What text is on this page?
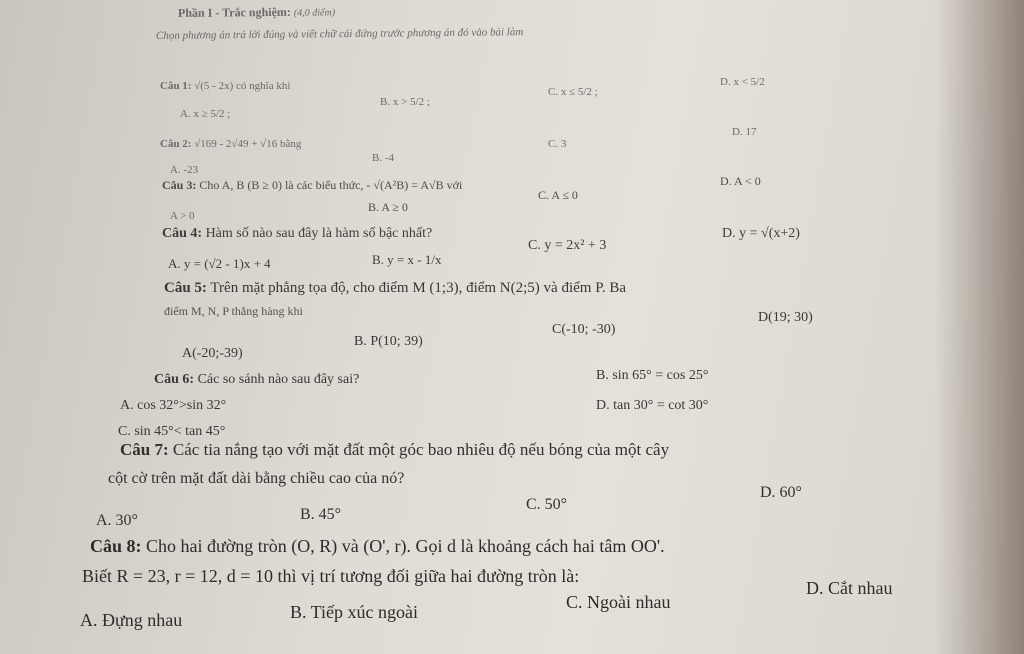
Phần I - Trắc nghiệm: (4,0 điểm)
Chọn phương án trả lời đúng và viết chữ cái đứng trước phương án đó vào bài làm
Câu 1: √(5 - 2x) có nghĩa khi
A. x ≥ 5/2 ;
B. x > 5/2 ;
C. x ≤ 5/2 ;
D. x < 5/2
Câu 2: √169 - 2√49 + √16 bằng
A. -23
B. -4
C. 3
D. 17
Câu 3: Cho A, B (B ≥ 0) là các biểu thức, - √(A²B) = A√B với
A > 0
B. A ≥ 0
C. A ≤ 0
D. A < 0
Câu 4: Hàm số nào sau đây là hàm số bậc nhất?
A. y = (√2 - 1)x + 4	B. y = x - 1/x
C. y = 2x² + 3
D. y = √(x+2)
Câu 5: Trên mặt phẳng tọa độ, cho điểm M (1;3), điểm N(2;5) và điểm P. Ba
điểm M, N, P thẳng hàng khi
A(-20;-39)
B. P(10; 39)
C(-10; -30)
D(19; 30)
Câu 6: Các so sánh nào sau đây sai?	B. sin 65° = cos 25°
A. cos 32°>sin 32°	D. tan 30° = cot 30°
C. sin 45°< tan 45°
Câu 7: Các tia nắng tạo với mặt đất một góc bao nhiêu độ nếu bóng của một cây
cột cờ trên mặt đất dài bằng chiều cao của nó?
A. 30°	B. 45°
C. 50°
D. 60°
Câu 8: Cho hai đường tròn (O, R) và (O', r). Gọi d là khoảng cách hai tâm OO'.
Biết R = 23, r = 12, d = 10 thì vị trí tương đối giữa hai đường tròn là:
A. Đựng nhau	B. Tiếp xúc ngoài	C. Ngoài nhau
D. Cắt nhau
